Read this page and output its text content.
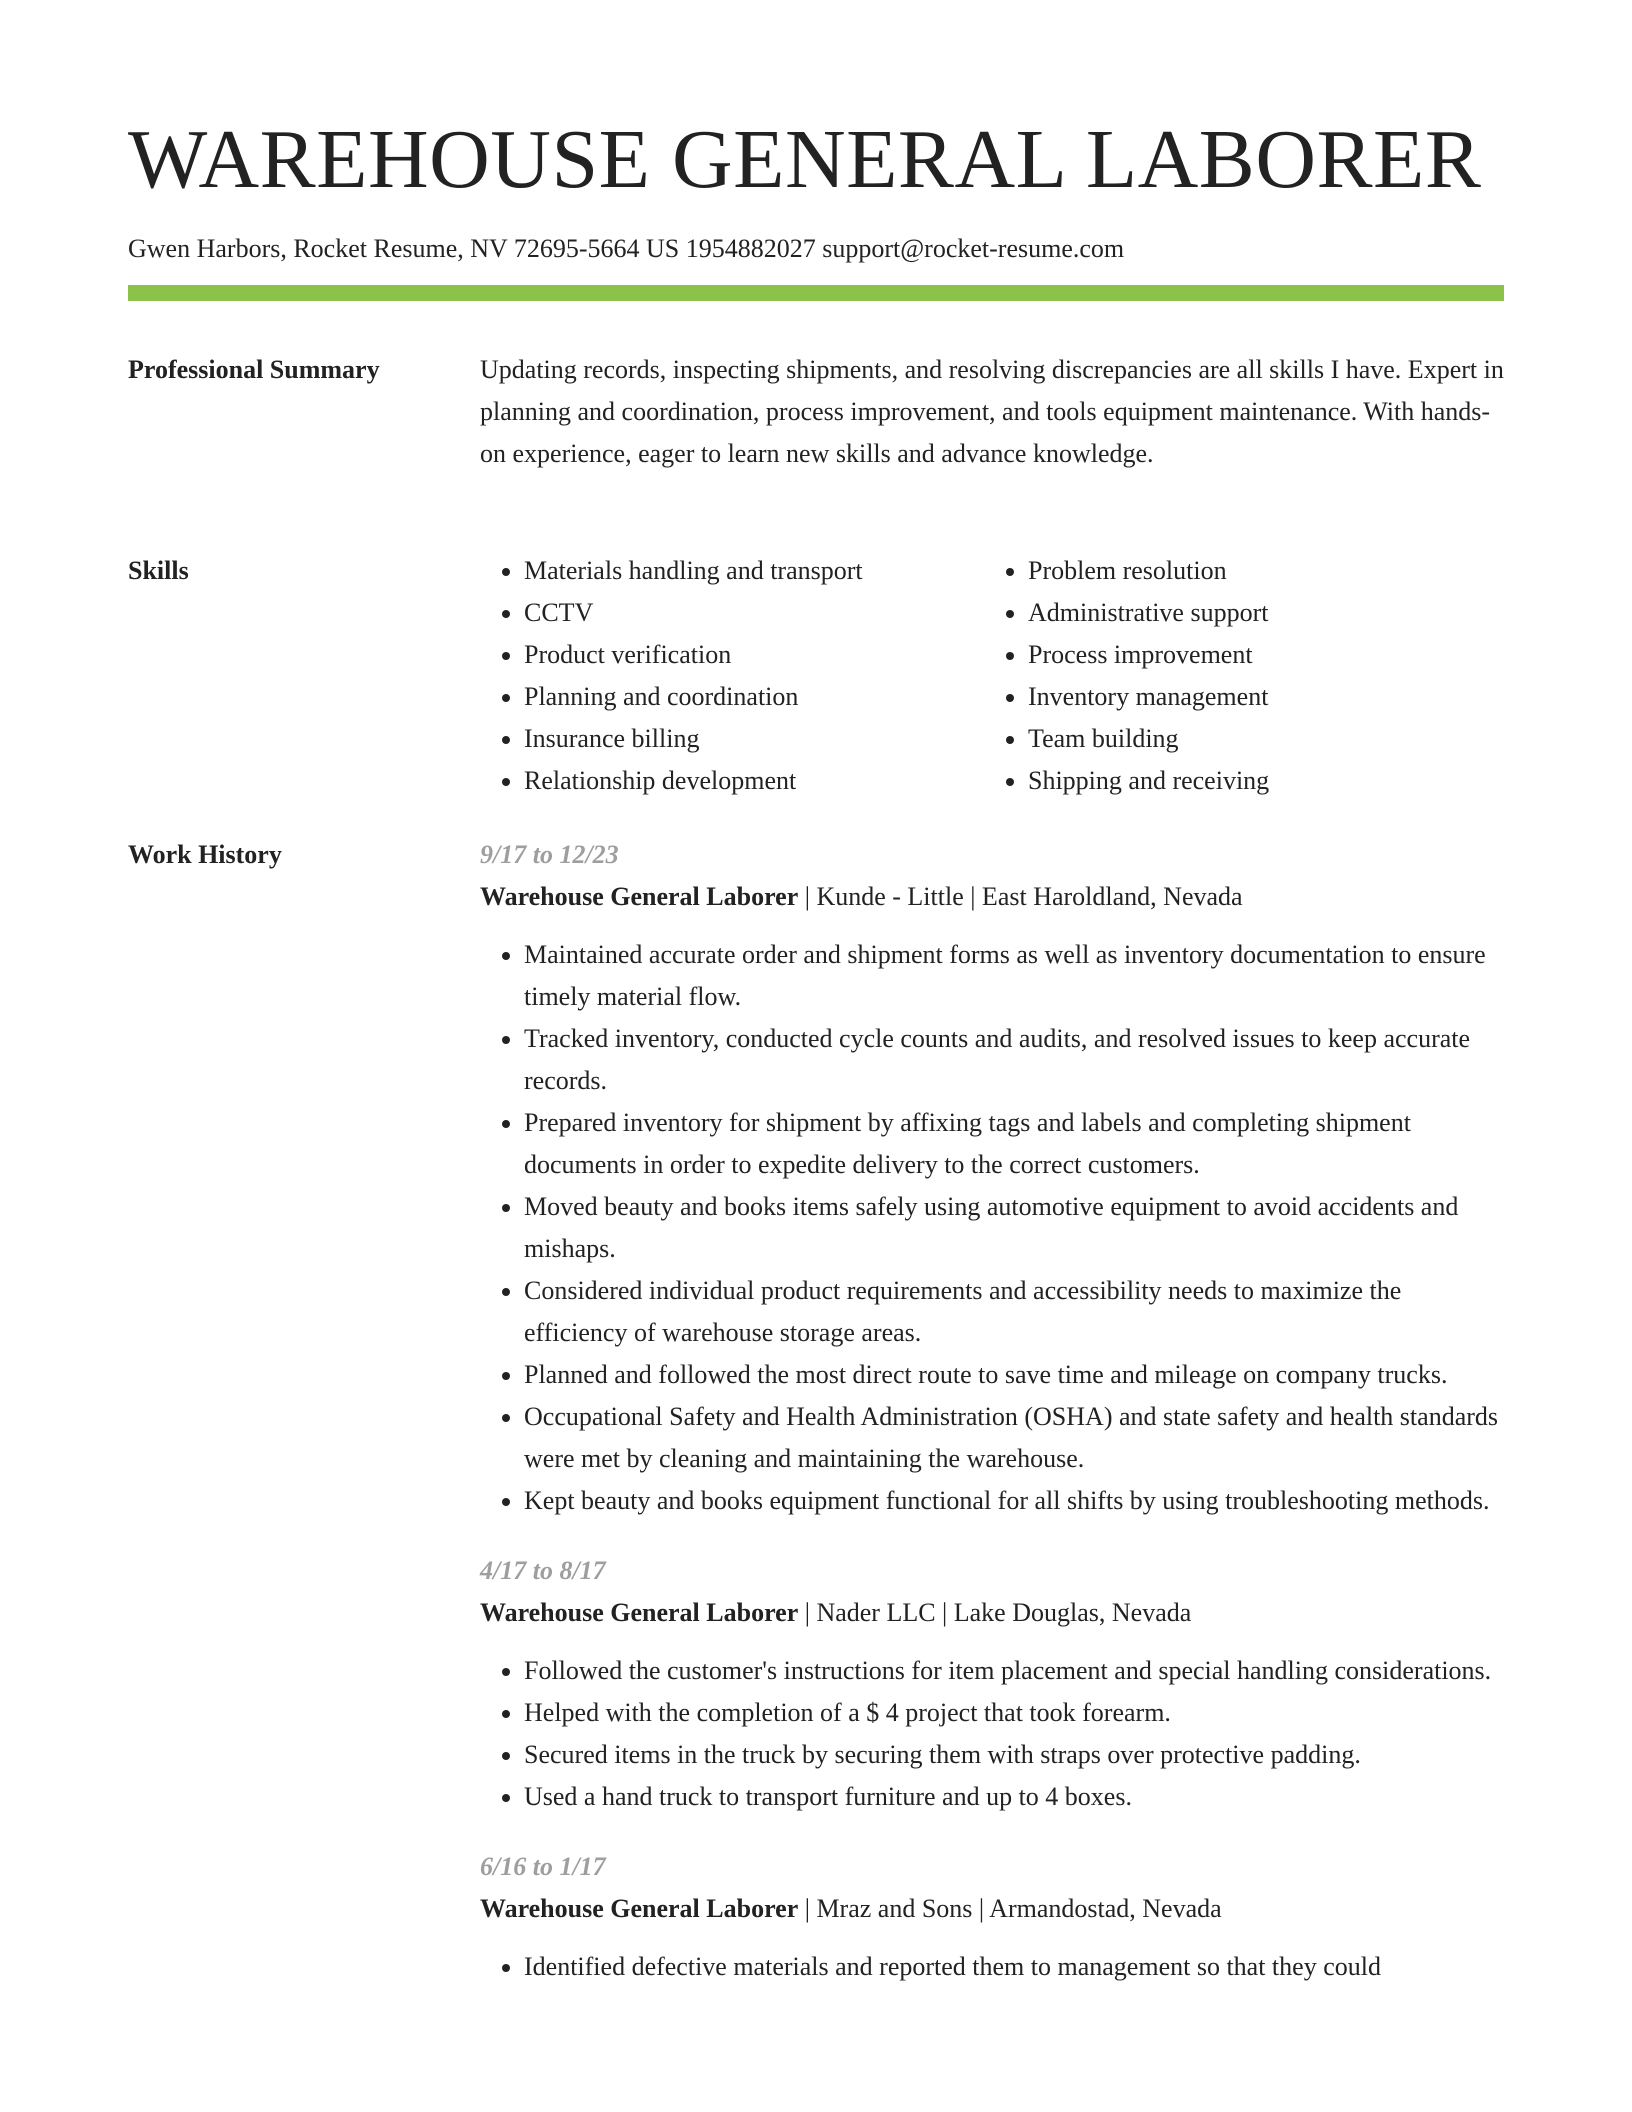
WAREHOUSE GENERAL LABORER
Gwen Harbors, Rocket Resume, NV 72695-5664 US 1954882027 support@rocket-resume.com
Professional Summary	Updating records, inspecting shipments, and resolving discrepancies are all skills I have. Expert in planning and coordination, process improvement, and tools equipment maintenance. With hands-on experience, eager to learn new skills and advance knowledge.

Skills
•	Materials handling and transport
• CCTV
• Product verification
• Planning and coordination
• Insurance billing
• Relationship development
• Problem resolution
• Administrative support
• Process improvement
• Inventory management
• Team building
• Shipping and receiving
Work History	9/17 to 12/23
Warehouse General Laborer | Kunde - Little | East Haroldland, Nevada
• Maintained accurate order and shipment forms as well as inventory documentation to ensure timely material flow.
• Tracked inventory, conducted cycle counts and audits, and resolved issues to keep accurate records.
• Prepared inventory for shipment by affixing tags and labels and completing shipment documents in order to expedite delivery to the correct customers.
• Moved beauty and books items safely using automotive equipment to avoid accidents and mishaps.
• Considered individual product requirements and accessibility needs to maximize the efficiency of warehouse storage areas.
• Planned and followed the most direct route to save time and mileage on company trucks.
• Occupational Safety and Health Administration (OSHA) and state safety and health standards were met by cleaning and maintaining the warehouse.
• Kept beauty and books equipment functional for all shifts by using troubleshooting methods.
4/17 to 8/17
Warehouse General Laborer | Nader LLC | Lake Douglas, Nevada
• Followed the customer's instructions for item placement and special handling considerations.
• Helped with the completion of a $ 4 project that took forearm.
• Secured items in the truck by securing them with straps over protective padding.
• Used a hand truck to transport furniture and up to 4 boxes.
6/16 to 1/17
Warehouse General Laborer | Mraz and Sons | Armandostad, Nevada
• Identified defective materials and reported them to management so that they could
